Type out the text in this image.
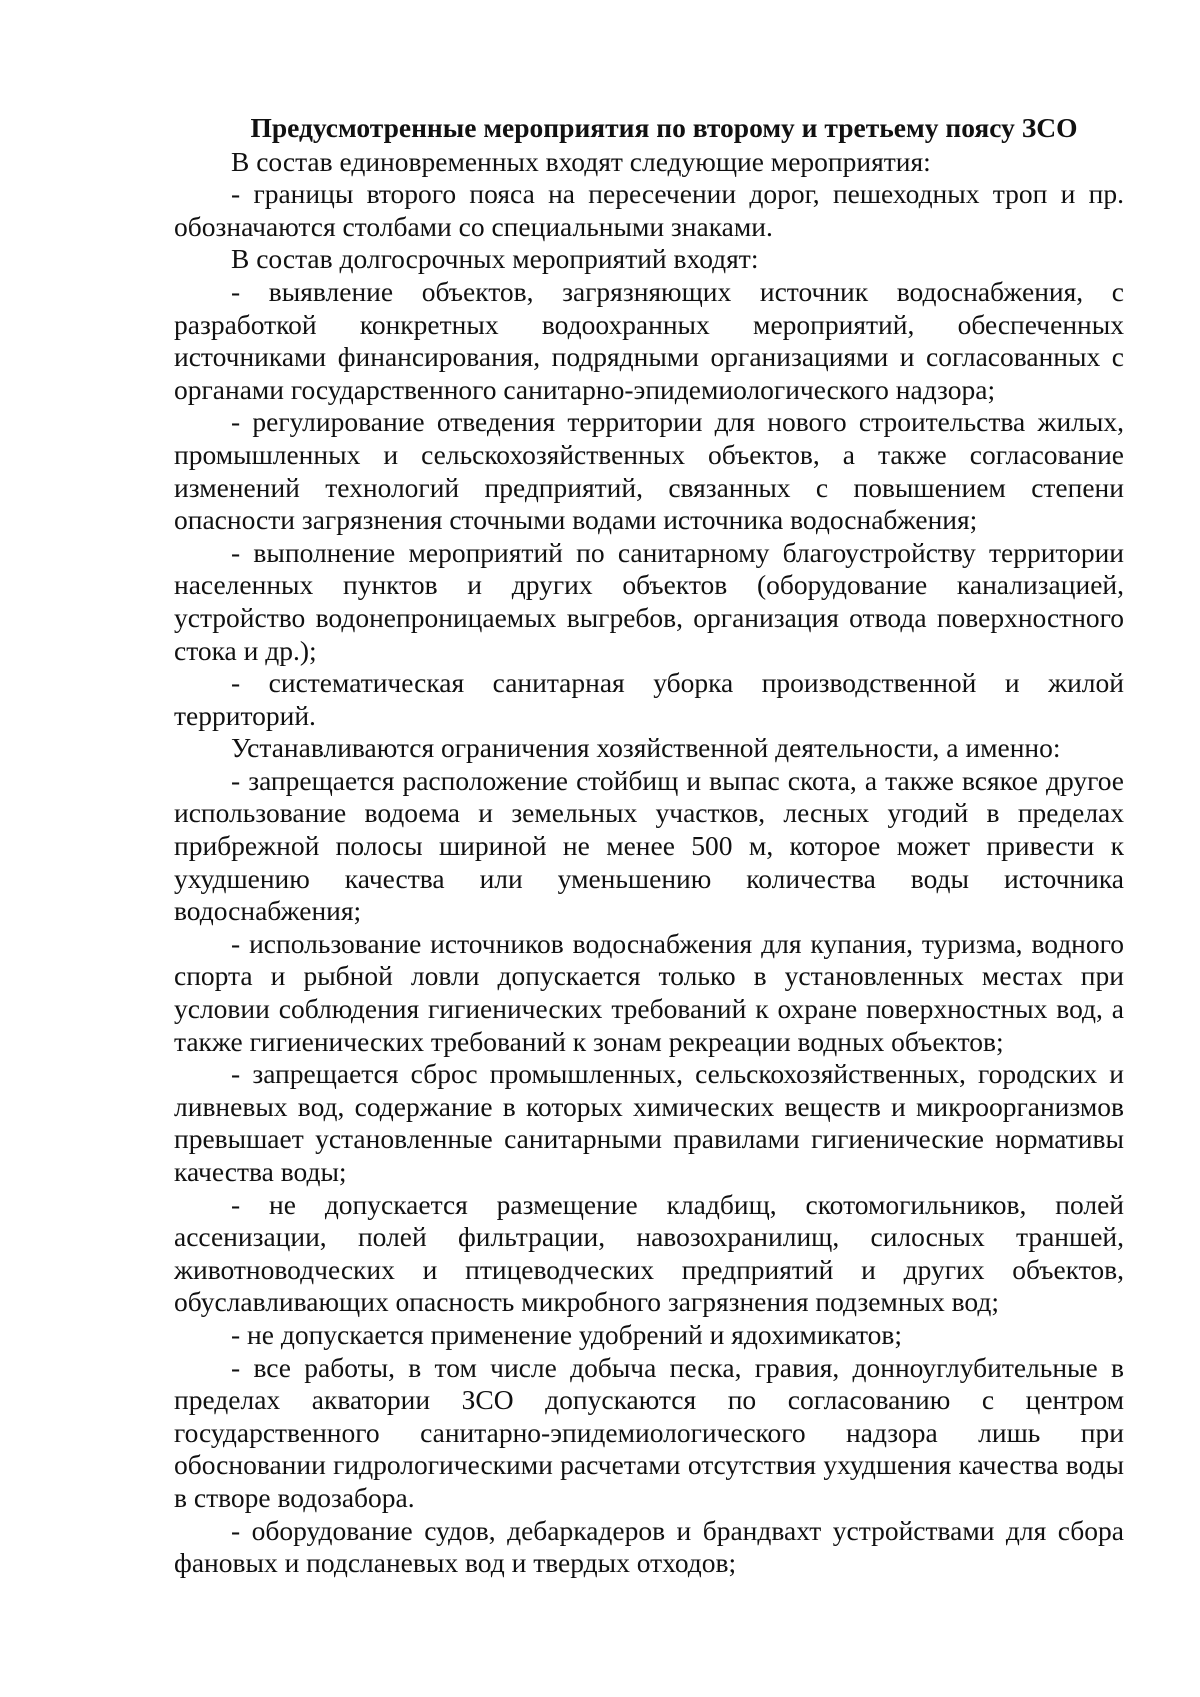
Предусмотренные мероприятия по второму и третьему поясу ЗСО

В состав единовременных входят следующие мероприятия:

- границы второго пояса на пересечении дорог, пешеходных троп и пр. обозначаются столбами со специальными знаками.

В состав долгосрочных мероприятий входят:

- выявление объектов, загрязняющих источник водоснабжения, с разработкой конкретных водоохранных мероприятий, обеспеченных источниками финансирования, подрядными организациями и согласованных с органами государственного санитарно-эпидемиологического надзора;

- регулирование отведения территории для нового строительства жилых, промышленных и сельскохозяйственных объектов, а также согласование изменений технологий предприятий, связанных с повышением степени опасности загрязнения сточными водами источника водоснабжения;

- выполнение мероприятий по санитарному благоустройству территории населенных пунктов и других объектов (оборудование канализацией, устройство водонепроницаемых выгребов, организация отвода поверхностного стока и др.);

- систематическая санитарная уборка производственной и жилой территорий.

Устанавливаются ограничения хозяйственной деятельности, а именно:

- запрещается расположение стойбищ и выпас скота, а также всякое другое использование водоема и земельных участков, лесных угодий в пределах прибрежной полосы шириной не менее 500 м, которое может привести к ухудшению качества или уменьшению количества воды источника водоснабжения;

- использование источников водоснабжения для купания, туризма, водного спорта и рыбной ловли допускается только в установленных местах при условии соблюдения гигиенических требований к охране поверхностных вод, а также гигиенических требований к зонам рекреации водных объектов;

- запрещается сброс промышленных, сельскохозяйственных, городских и ливневых вод, содержание в которых химических веществ и микроорганизмов превышает установленные санитарными правилами гигиенические нормативы качества воды;

- не допускается размещение кладбищ, скотомогильников, полей ассенизации, полей фильтрации, навозохранилищ, силосных траншей, животноводческих и птицеводческих предприятий и других объектов, обуславливающих опасность микробного загрязнения подземных вод;

- не допускается применение удобрений и ядохимикатов;

- все работы, в том числе добыча песка, гравия, донноуглубительные в пределах акватории ЗСО допускаются по согласованию с центром государственного санитарно-эпидемиологического надзора лишь при обосновании гидрологическими расчетами отсутствия ухудшения качества воды в створе водозабора.

- оборудование судов, дебаркадеров и брандвахт устройствами для сбора фановых и подсланевых вод и твердых отходов;
